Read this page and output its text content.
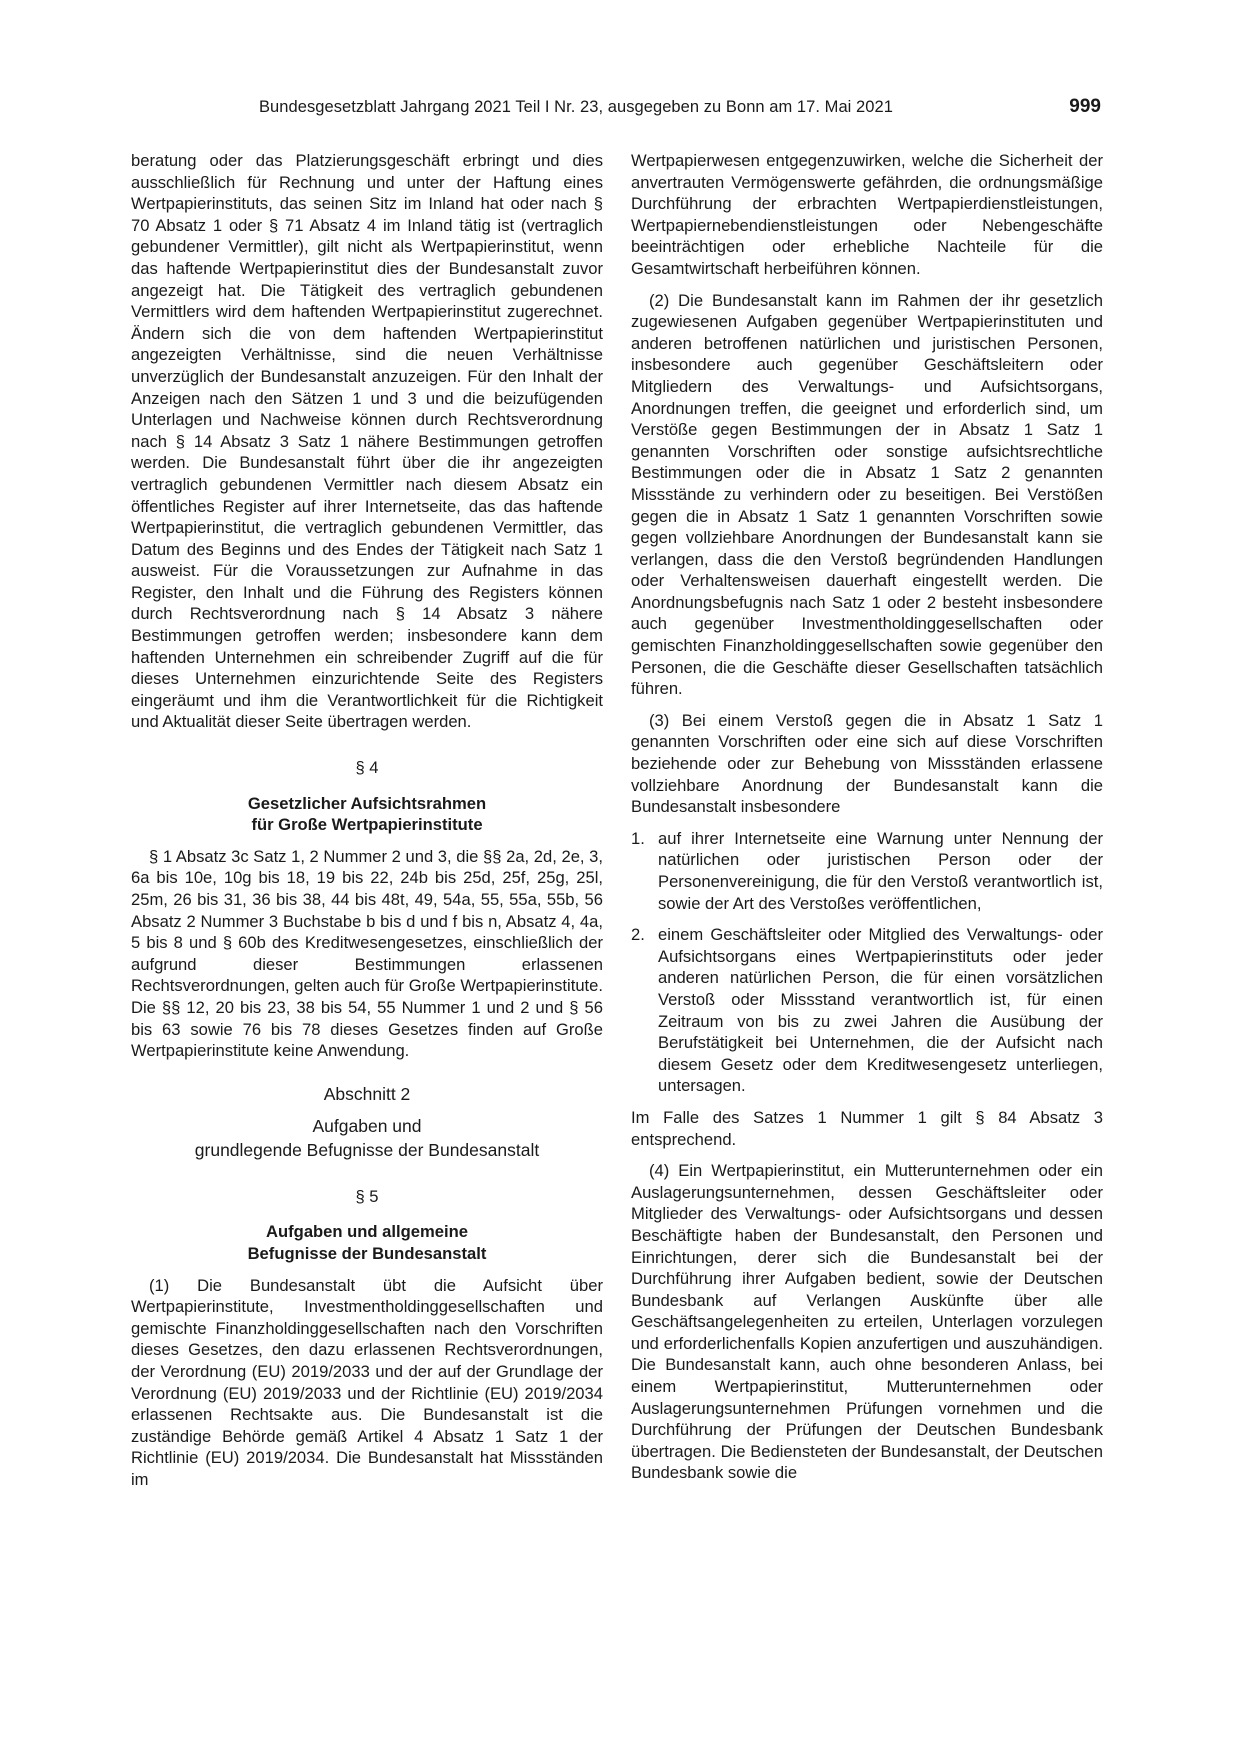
Bundesgesetzblatt Jahrgang 2021 Teil I Nr. 23, ausgegeben zu Bonn am 17. Mai 2021	999

beratung oder das Platzierungsgeschäft erbringt und dies ausschließlich für Rechnung und unter der Haftung eines Wertpapierinstituts, das seinen Sitz im Inland hat oder nach § 70 Absatz 1 oder § 71 Absatz 4 im Inland tätig ist (vertraglich gebundener Vermittler), gilt nicht als Wertpapierinstitut, wenn das haftende Wertpapierinstitut dies der Bundesanstalt zuvor angezeigt hat. Die Tätigkeit des vertraglich gebundenen Vermittlers wird dem haftenden Wertpapierinstitut zugerechnet. Ändern sich die von dem haftenden Wertpapierinstitut angezeigten Verhältnisse, sind die neuen Verhältnisse unverzüglich der Bundesanstalt anzuzeigen. Für den Inhalt der Anzeigen nach den Sätzen 1 und 3 und die beizufügenden Unterlagen und Nachweise können durch Rechtsverordnung nach § 14 Absatz 3 Satz 1 nähere Bestimmungen getroffen werden. Die Bundesanstalt führt über die ihr angezeigten vertraglich gebundenen Vermittler nach diesem Absatz ein öffentliches Register auf ihrer Internetseite, das das haftende Wertpapierinstitut, die vertraglich gebundenen Vermittler, das Datum des Beginns und des Endes der Tätigkeit nach Satz 1 ausweist. Für die Voraussetzungen zur Aufnahme in das Register, den Inhalt und die Führung des Registers können durch Rechtsverordnung nach § 14 Absatz 3 nähere Bestimmungen getroffen werden; insbesondere kann dem haftenden Unternehmen ein schreibender Zugriff auf die für dieses Unternehmen einzurichtende Seite des Registers eingeräumt und ihm die Verantwortlichkeit für die Richtigkeit und Aktualität dieser Seite übertragen werden.

§ 4
Gesetzlicher Aufsichtsrahmen
für Große Wertpapierinstitute

§ 1 Absatz 3c Satz 1, 2 Nummer 2 und 3, die §§ 2a, 2d, 2e, 3, 6a bis 10e, 10g bis 18, 19 bis 22, 24b bis 25d, 25f, 25g, 25l, 25m, 26 bis 31, 36 bis 38, 44 bis 48t, 49, 54a, 55, 55a, 55b, 56 Absatz 2 Nummer 3 Buchstabe b bis d und f bis n, Absatz 4, 4a, 5 bis 8 und § 60b des Kreditwesengesetzes, einschließlich der aufgrund dieser Bestimmungen erlassenen Rechtsverordnungen, gelten auch für Große Wertpapierinstitute. Die §§ 12, 20 bis 23, 38 bis 54, 55 Nummer 1 und 2 und § 56 bis 63 sowie 76 bis 78 dieses Gesetzes finden auf Große Wertpapierinstitute keine Anwendung.

Abschnitt 2
Aufgaben und
grundlegende Befugnisse der Bundesanstalt
§ 5
Aufgaben und allgemeine
Befugnisse der Bundesanstalt

(1) Die Bundesanstalt übt die Aufsicht über Wertpapierinstitute, Investmentholdinggesellschaften und gemischte Finanzholdinggesellschaften nach den Vorschriften dieses Gesetzes, den dazu erlassenen Rechtsverordnungen, der Verordnung (EU) 2019/2033 und der auf der Grundlage der Verordnung (EU) 2019/2033 und der Richtlinie (EU) 2019/2034 erlassenen Rechtsakte aus. Die Bundesanstalt ist die zuständige Behörde gemäß Artikel 4 Absatz 1 Satz 1 der Richtlinie (EU) 2019/2034. Die Bundesanstalt hat Missständen im

Wertpapierwesen entgegenzuwirken, welche die Sicherheit der anvertrauten Vermögenswerte gefährden, die ordnungsmäßige Durchführung der erbrachten Wertpapierdienstleistungen, Wertpapiernebendienstleistungen oder Nebengeschäfte beeinträchtigen oder erhebliche Nachteile für die Gesamtwirtschaft herbeiführen können.

(2) Die Bundesanstalt kann im Rahmen der ihr gesetzlich zugewiesenen Aufgaben gegenüber Wertpapierinstituten und anderen betroffenen natürlichen und juristischen Personen, insbesondere auch gegenüber Geschäftsleitern oder Mitgliedern des Verwaltungs- und Aufsichtsorgans, Anordnungen treffen, die geeignet und erforderlich sind, um Verstöße gegen Bestimmungen der in Absatz 1 Satz 1 genannten Vorschriften oder sonstige aufsichtsrechtliche Bestimmungen oder die in Absatz 1 Satz 2 genannten Missstände zu verhindern oder zu beseitigen. Bei Verstößen gegen die in Absatz 1 Satz 1 genannten Vorschriften sowie gegen vollziehbare Anordnungen der Bundesanstalt kann sie verlangen, dass die den Verstoß begründenden Handlungen oder Verhaltensweisen dauerhaft eingestellt werden. Die Anordnungsbefugnis nach Satz 1 oder 2 besteht insbesondere auch gegenüber Investmentholdinggesellschaften oder gemischten Finanzholdinggesellschaften sowie gegenüber den Personen, die die Geschäfte dieser Gesellschaften tatsächlich führen.

(3) Bei einem Verstoß gegen die in Absatz 1 Satz 1 genannten Vorschriften oder eine sich auf diese Vorschriften beziehende oder zur Behebung von Missständen erlassene vollziehbare Anordnung der Bundesanstalt kann die Bundesanstalt insbesondere

1. auf ihrer Internetseite eine Warnung unter Nennung der natürlichen oder juristischen Person oder der Personenvereinigung, die für den Verstoß verantwortlich ist, sowie der Art des Verstoßes veröffentlichen,
2. einem Geschäftsleiter oder Mitglied des Verwaltungs- oder Aufsichtsorgans eines Wertpapierinstituts oder jeder anderen natürlichen Person, die für einen vorsätzlichen Verstoß oder Missstand verantwortlich ist, für einen Zeitraum von bis zu zwei Jahren die Ausübung der Berufstätigkeit bei Unternehmen, die der Aufsicht nach diesem Gesetz oder dem Kreditwesengesetz unterliegen, untersagen.

Im Falle des Satzes 1 Nummer 1 gilt § 84 Absatz 3 entsprechend.

(4) Ein Wertpapierinstitut, ein Mutterunternehmen oder ein Auslagerungsunternehmen, dessen Geschäftsleiter oder Mitglieder des Verwaltungs- oder Aufsichtsorgans und dessen Beschäftigte haben der Bundesanstalt, den Personen und Einrichtungen, derer sich die Bundesanstalt bei der Durchführung ihrer Aufgaben bedient, sowie der Deutschen Bundesbank auf Verlangen Auskünfte über alle Geschäftsangelegenheiten zu erteilen, Unterlagen vorzulegen und erforderlichenfalls Kopien anzufertigen und auszuhändigen. Die Bundesanstalt kann, auch ohne besonderen Anlass, bei einem Wertpapierinstitut, Mutterunternehmen oder Auslagerungsunternehmen Prüfungen vornehmen und die Durchführung der Prüfungen der Deutschen Bundesbank übertragen. Die Bediensteten der Bundesanstalt, der Deutschen Bundesbank sowie die
